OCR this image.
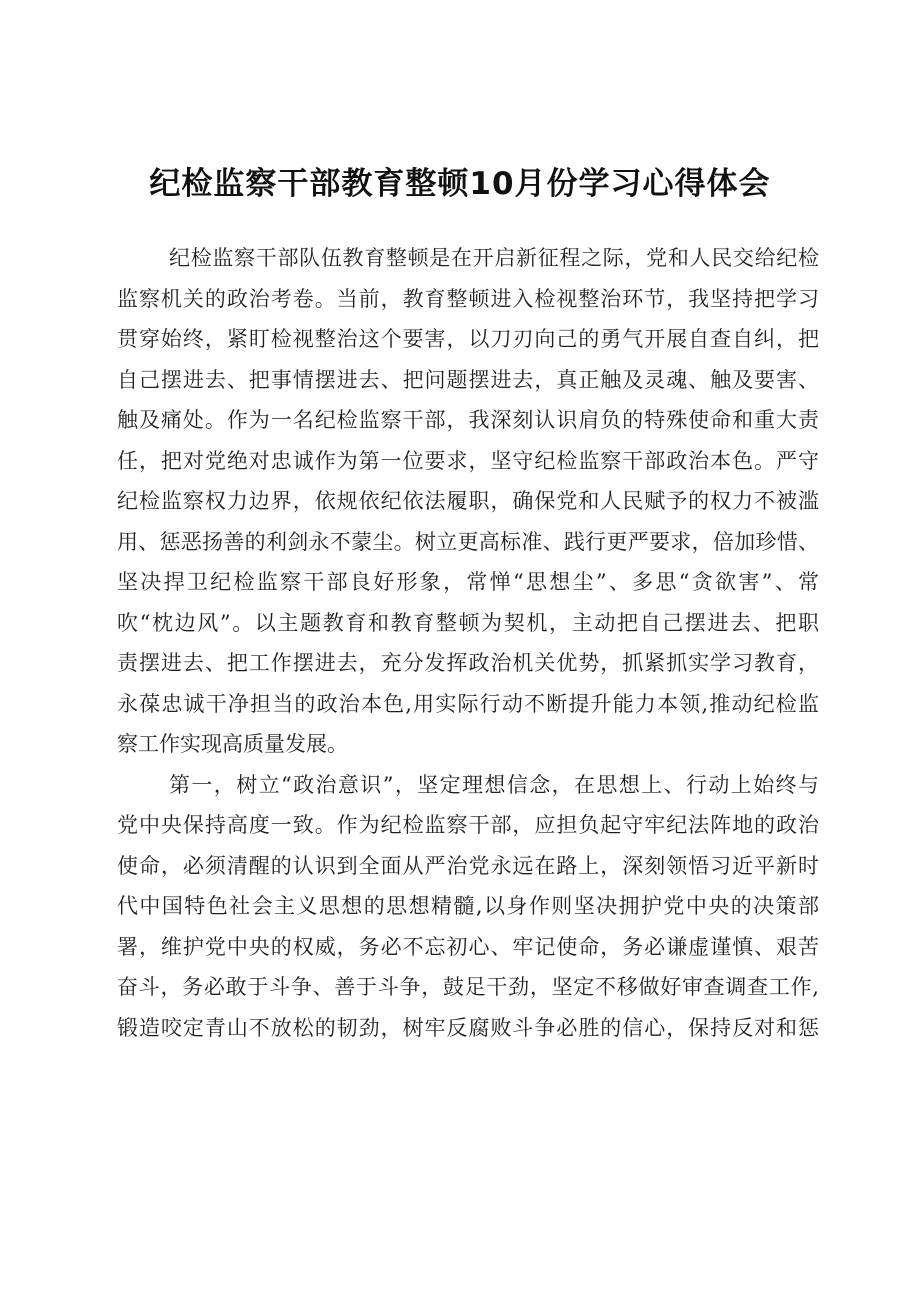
纪检监察干部教育整顿10月份学习心得体会
纪检监察干部队伍教育整顿是在开启新征程之际，党和人民交给纪检
监察机关的政治考卷。当前，教育整顿进入检视整治环节，我坚持把学习
贯穿始终，紧盯检视整治这个要害，以刀刃向己的勇气开展自查自纠，把
自己摆进去、把事情摆进去、把问题摆进去，真正触及灵魂、触及要害、
触及痛处。作为一名纪检监察干部，我深刻认识肩负的特殊使命和重大责
任，把对党绝对忠诚作为第一位要求，坚守纪检监察干部政治本色。严守
纪检监察权力边界，依规依纪依法履职，确保党和人民赋予的权力不被滥
用、惩恶扬善的利剑永不蒙尘。树立更高标准、践行更严要求，倍加珍惜、
坚决捍卫纪检监察干部良好形象，常惮“思想尘”、多思“贪欲害”、常
吹“枕边风”。以主题教育和教育整顿为契机，主动把自己摆进去、把职
责摆进去、把工作摆进去，充分发挥政治机关优势，抓紧抓实学习教育，
永葆忠诚干净担当的政治本色,用实际行动不断提升能力本领,推动纪检监
察工作实现高质量发展。
第一，树立“政治意识”，坚定理想信念，在思想上、行动上始终与
党中央保持高度一致。作为纪检监察干部，应担负起守牢纪法阵地的政治
使命，必须清醒的认识到全面从严治党永远在路上，深刻领悟习近平新时
代中国特色社会主义思想的思想精髓,以身作则坚决拥护党中央的决策部
署，维护党中央的权威，务必不忘初心、牢记使命，务必谦虚谨慎、艰苦
奋斗，务必敢于斗争、善于斗争，鼓足干劲，坚定不移做好审查调查工作,
锻造咬定青山不放松的韧劲，树牢反腐败斗争必胜的信心，保持反对和惩
